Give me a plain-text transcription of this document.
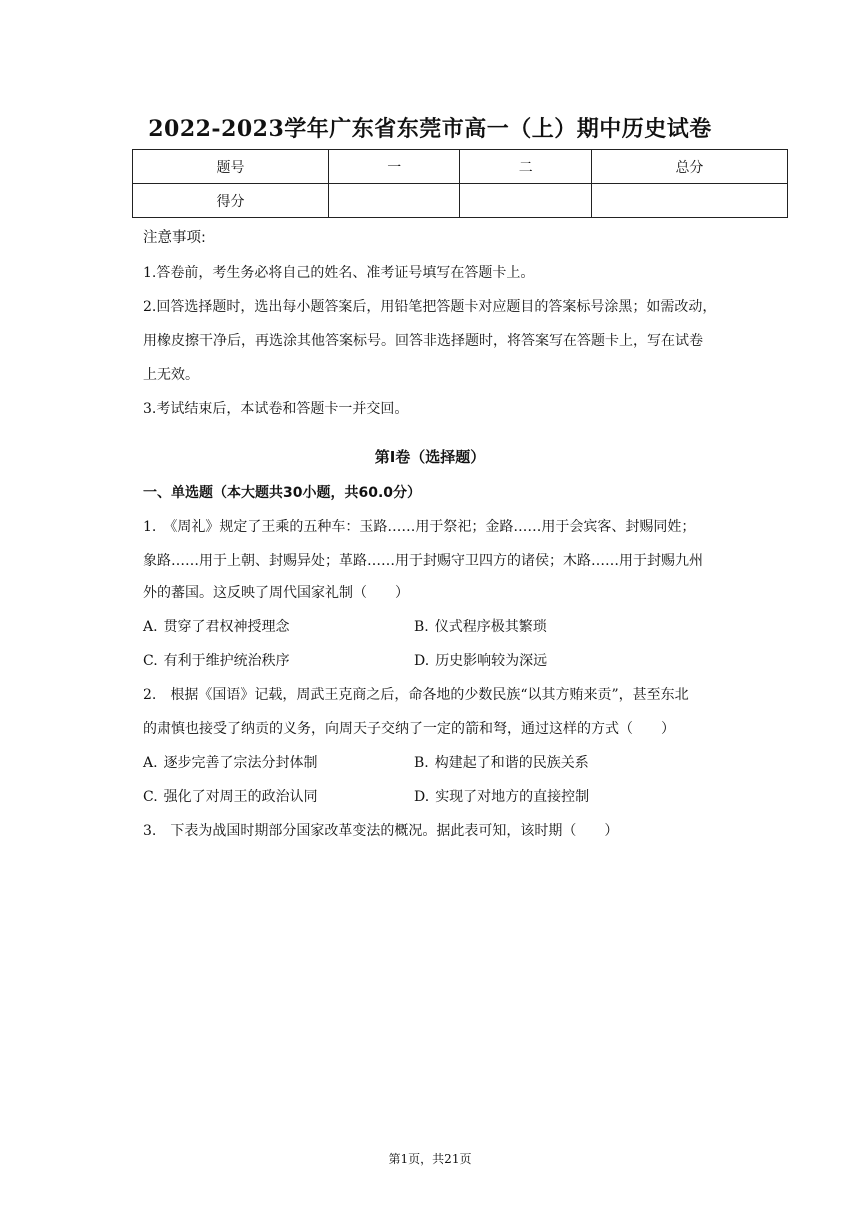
2022-2023学年广东省东莞市高一（上）期中历史试卷
题号	一	二	总分
得分			
注意事项:
1.答卷前，考生务必将自己的姓名、准考证号填写在答题卡上。
2.回答选择题时，选出每小题答案后，用铅笔把答题卡对应题目的答案标号涂黑；如需改动，
用橡皮擦干净后，再选涂其他答案标号。回答非选择题时，将答案写在答题卡上，写在试卷
上无效。
3.考试结束后，本试卷和答题卡一并交回。
第I卷（选择题）
一、单选题（本大题共30小题，共60.0分）
1.　《周礼》规定了王乘的五种车：玉路……用于祭祀；金路……用于会宾客、封赐同姓；
象路……用于上朝、封赐异处；革路……用于封赐守卫四方的诸侯；木路……用于封赐九州
外的蕃国。这反映了周代国家礼制（　　）
A. 贯穿了君权神授理念	B. 仪式程序极其繁琐
C. 有利于维护统治秩序	D. 历史影响较为深远
2.　根据《国语》记载，周武王克商之后，命各地的少数民族“以其方贿来贡”，甚至东北
的肃慎也接受了纳贡的义务，向周天子交纳了一定的箭和弩，通过这样的方式（　　）
A. 逐步完善了宗法分封体制	B. 构建起了和谐的民族关系
C. 强化了对周王的政治认同	D. 实现了对地方的直接控制
3.　下表为战国时期部分国家改革变法的概况。据此表可知，该时期（　　）
第1页，共21页
